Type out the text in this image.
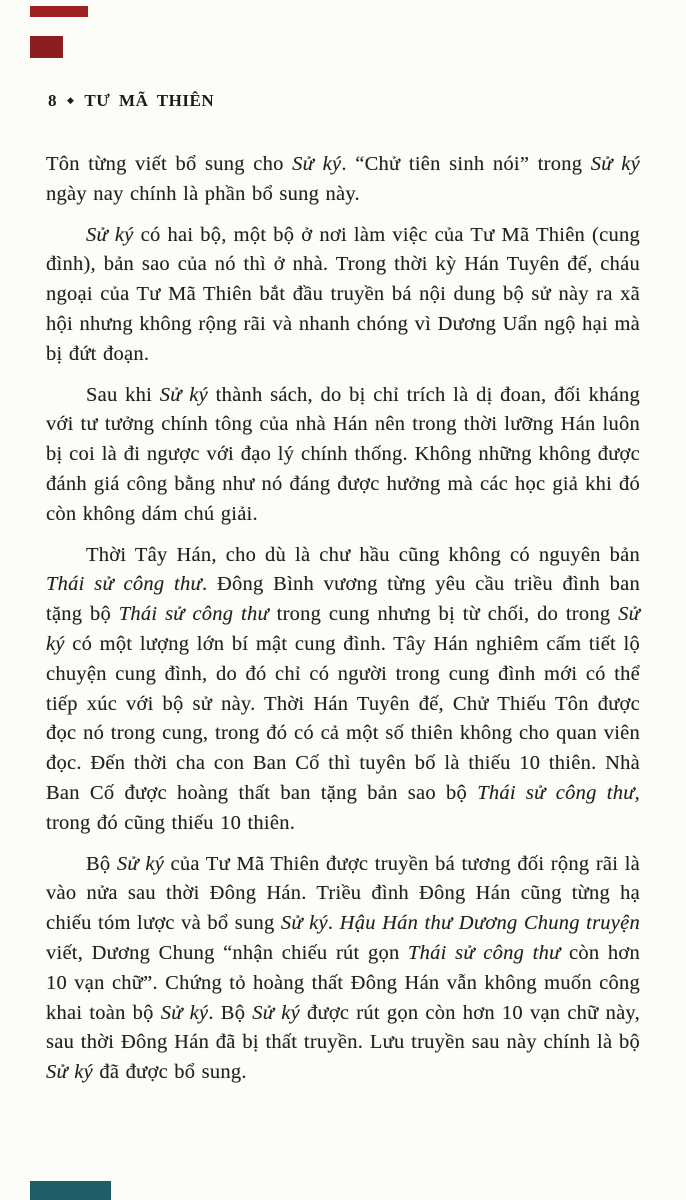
8 ◆ TƯ MÃ THIÊN

Tôn từng viết bổ sung cho Sử ký. “Chử tiên sinh nói” trong Sử ký ngày nay chính là phần bổ sung này.

Sử ký có hai bộ, một bộ ở nơi làm việc của Tư Mã Thiên (cung đình), bản sao của nó thì ở nhà. Trong thời kỳ Hán Tuyên đế, cháu ngoại của Tư Mã Thiên bắt đầu truyền bá nội dung bộ sử này ra xã hội nhưng không rộng rãi và nhanh chóng vì Dương Uẩn ngộ hại mà bị đứt đoạn.

Sau khi Sử ký thành sách, do bị chỉ trích là dị đoan, đối kháng với tư tưởng chính tông của nhà Hán nên trong thời lưỡng Hán luôn bị coi là đi ngược với đạo lý chính thống. Không những không được đánh giá công bằng như nó đáng được hưởng mà các học giả khi đó còn không dám chú giải.

Thời Tây Hán, cho dù là chư hầu cũng không có nguyên bản Thái sử công thư. Đông Bình vương từng yêu cầu triều đình ban tặng bộ Thái sử công thư trong cung nhưng bị từ chối, do trong Sử ký có một lượng lớn bí mật cung đình. Tây Hán nghiêm cấm tiết lộ chuyện cung đình, do đó chỉ có người trong cung đình mới có thể tiếp xúc với bộ sử này. Thời Hán Tuyên đế, Chử Thiếu Tôn được đọc nó trong cung, trong đó có cả một số thiên không cho quan viên đọc. Đến thời cha con Ban Cố thì tuyên bố là thiếu 10 thiên. Nhà Ban Cố được hoàng thất ban tặng bản sao bộ Thái sử công thư, trong đó cũng thiếu 10 thiên.

Bộ Sử ký của Tư Mã Thiên được truyền bá tương đối rộng rãi là vào nửa sau thời Đông Hán. Triều đình Đông Hán cũng từng hạ chiếu tóm lược và bổ sung Sử ký. Hậu Hán thư Dương Chung truyện viết, Dương Chung “nhận chiếu rút gọn Thái sử công thư còn hơn 10 vạn chữ”. Chứng tỏ hoàng thất Đông Hán vẫn không muốn công khai toàn bộ Sử ký. Bộ Sử ký được rút gọn còn hơn 10 vạn chữ này, sau thời Đông Hán đã bị thất truyền. Lưu truyền sau này chính là bộ Sử ký đã được bổ sung.
